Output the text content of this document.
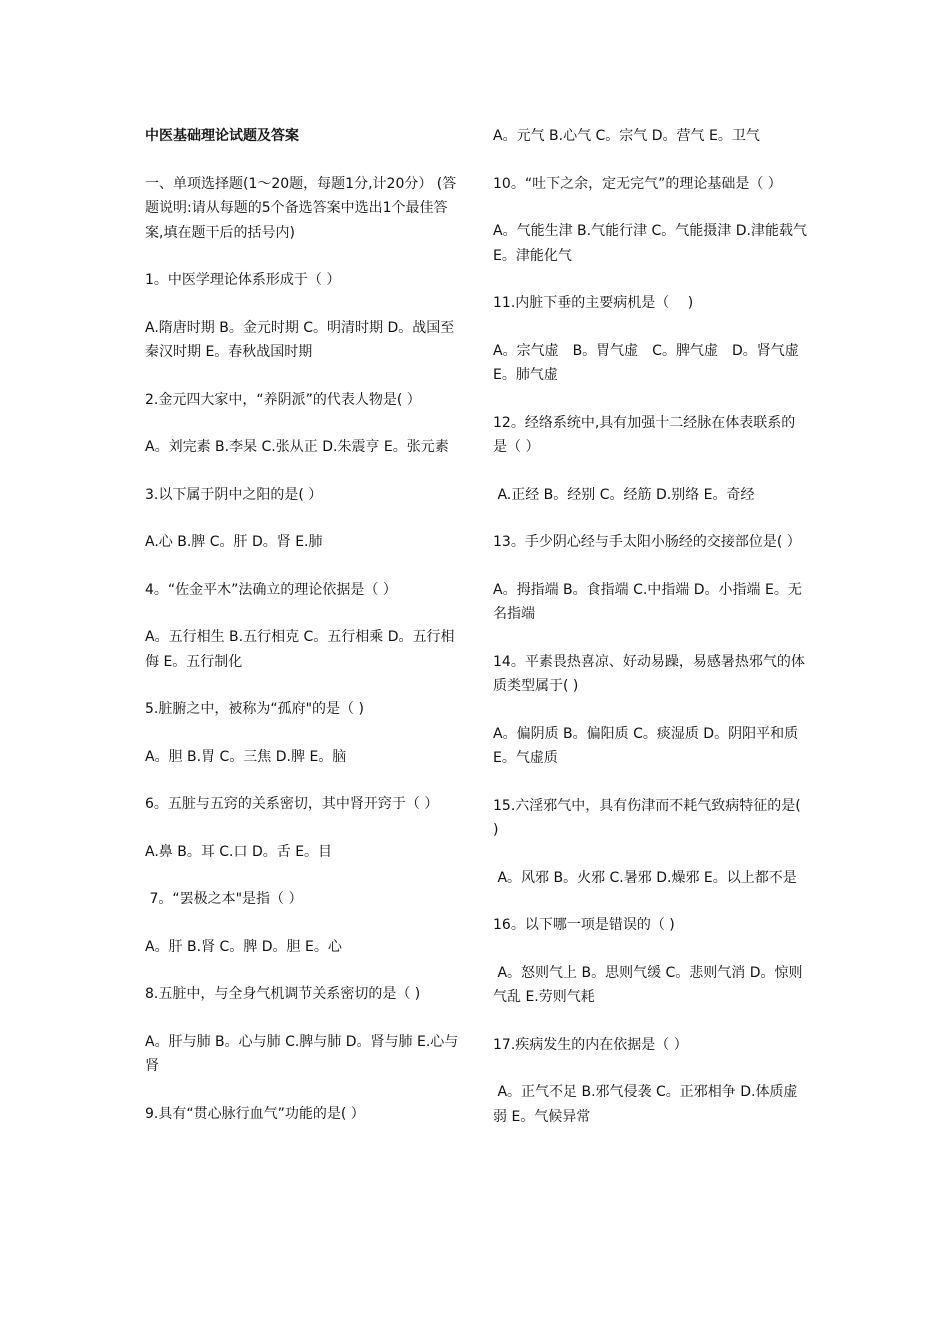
中医基础理论试题及答案

一、单项选择题(1～20题，每题1分,计20分） (答题说明:请从每题的5个备选答案中选出1个最佳答案,填在题干后的括号内)

1。中医学理论体系形成于（ ）

A.隋唐时期 B。金元时期 C。明清时期 D。战国至秦汉时期 E。春秋战国时期

2.金元四大家中，“养阴派”的代表人物是( ）

A。刘完素 B.李杲 C.张从正 D.朱震亨 E。张元素

3.以下属于阴中之阳的是( ）

A.心 B.脾 C。肝 D。肾 E.肺

4。“佐金平木”法确立的理论依据是（ ）

A。五行相生 B.五行相克 C。五行相乘 D。五行相侮 E。五行制化

5.脏腑之中，被称为“孤府"的是（ )

A。胆 B.胃 C。三焦 D.脾 E。脑

6。五脏与五窍的关系密切，其中肾开窍于（ ）

A.鼻 B。耳 C.口 D。舌 E。目

7。“罢极之本"是指（ ）

A。肝 B.肾 C。脾 D。胆 E。心

8.五脏中，与全身气机调节关系密切的是（ )

A。肝与肺 B。心与肺 C.脾与肺 D。肾与肺 E.心与肾

9.具有“贯心脉行血气”功能的是( ）

A。元气 B.心气 C。宗气 D。营气 E。卫气

10。“吐下之余，定无完气”的理论基础是（ ）

A。气能生津 B.气能行津 C。气能摄津 D.津能载气 E。津能化气

11.内脏下垂的主要病机是（　 )

A。宗气虚　B。胃气虚　C。脾气虚　D。肾气虚 E。肺气虚

12。经络系统中,具有加强十二经脉在体表联系的是（ ）

A.正经 B。经别 C。经筋 D.别络 E。奇经

13。手少阴心经与手太阳小肠经的交接部位是( ）

A。拇指端 B。食指端 C.中指端 D。小指端 E。无名指端

14。平素畏热喜凉、好动易躁，易感暑热邪气的体质类型属于( )

A。偏阴质 B。偏阳质 C。痰湿质 D。阴阳平和质 E。气虚质

15.六淫邪气中，具有伤津而不耗气致病特征的是( )

A。风邪 B。火邪 C.暑邪 D.燥邪 E。以上都不是

16。以下哪一项是错误的（ )

A。怒则气上 B。思则气缓 C。悲则气消 D。惊则气乱 E.劳则气耗

17.疾病发生的内在依据是（ ）

A。正气不足 B.邪气侵袭 C。正邪相争 D.体质虚弱 E。气候异常
